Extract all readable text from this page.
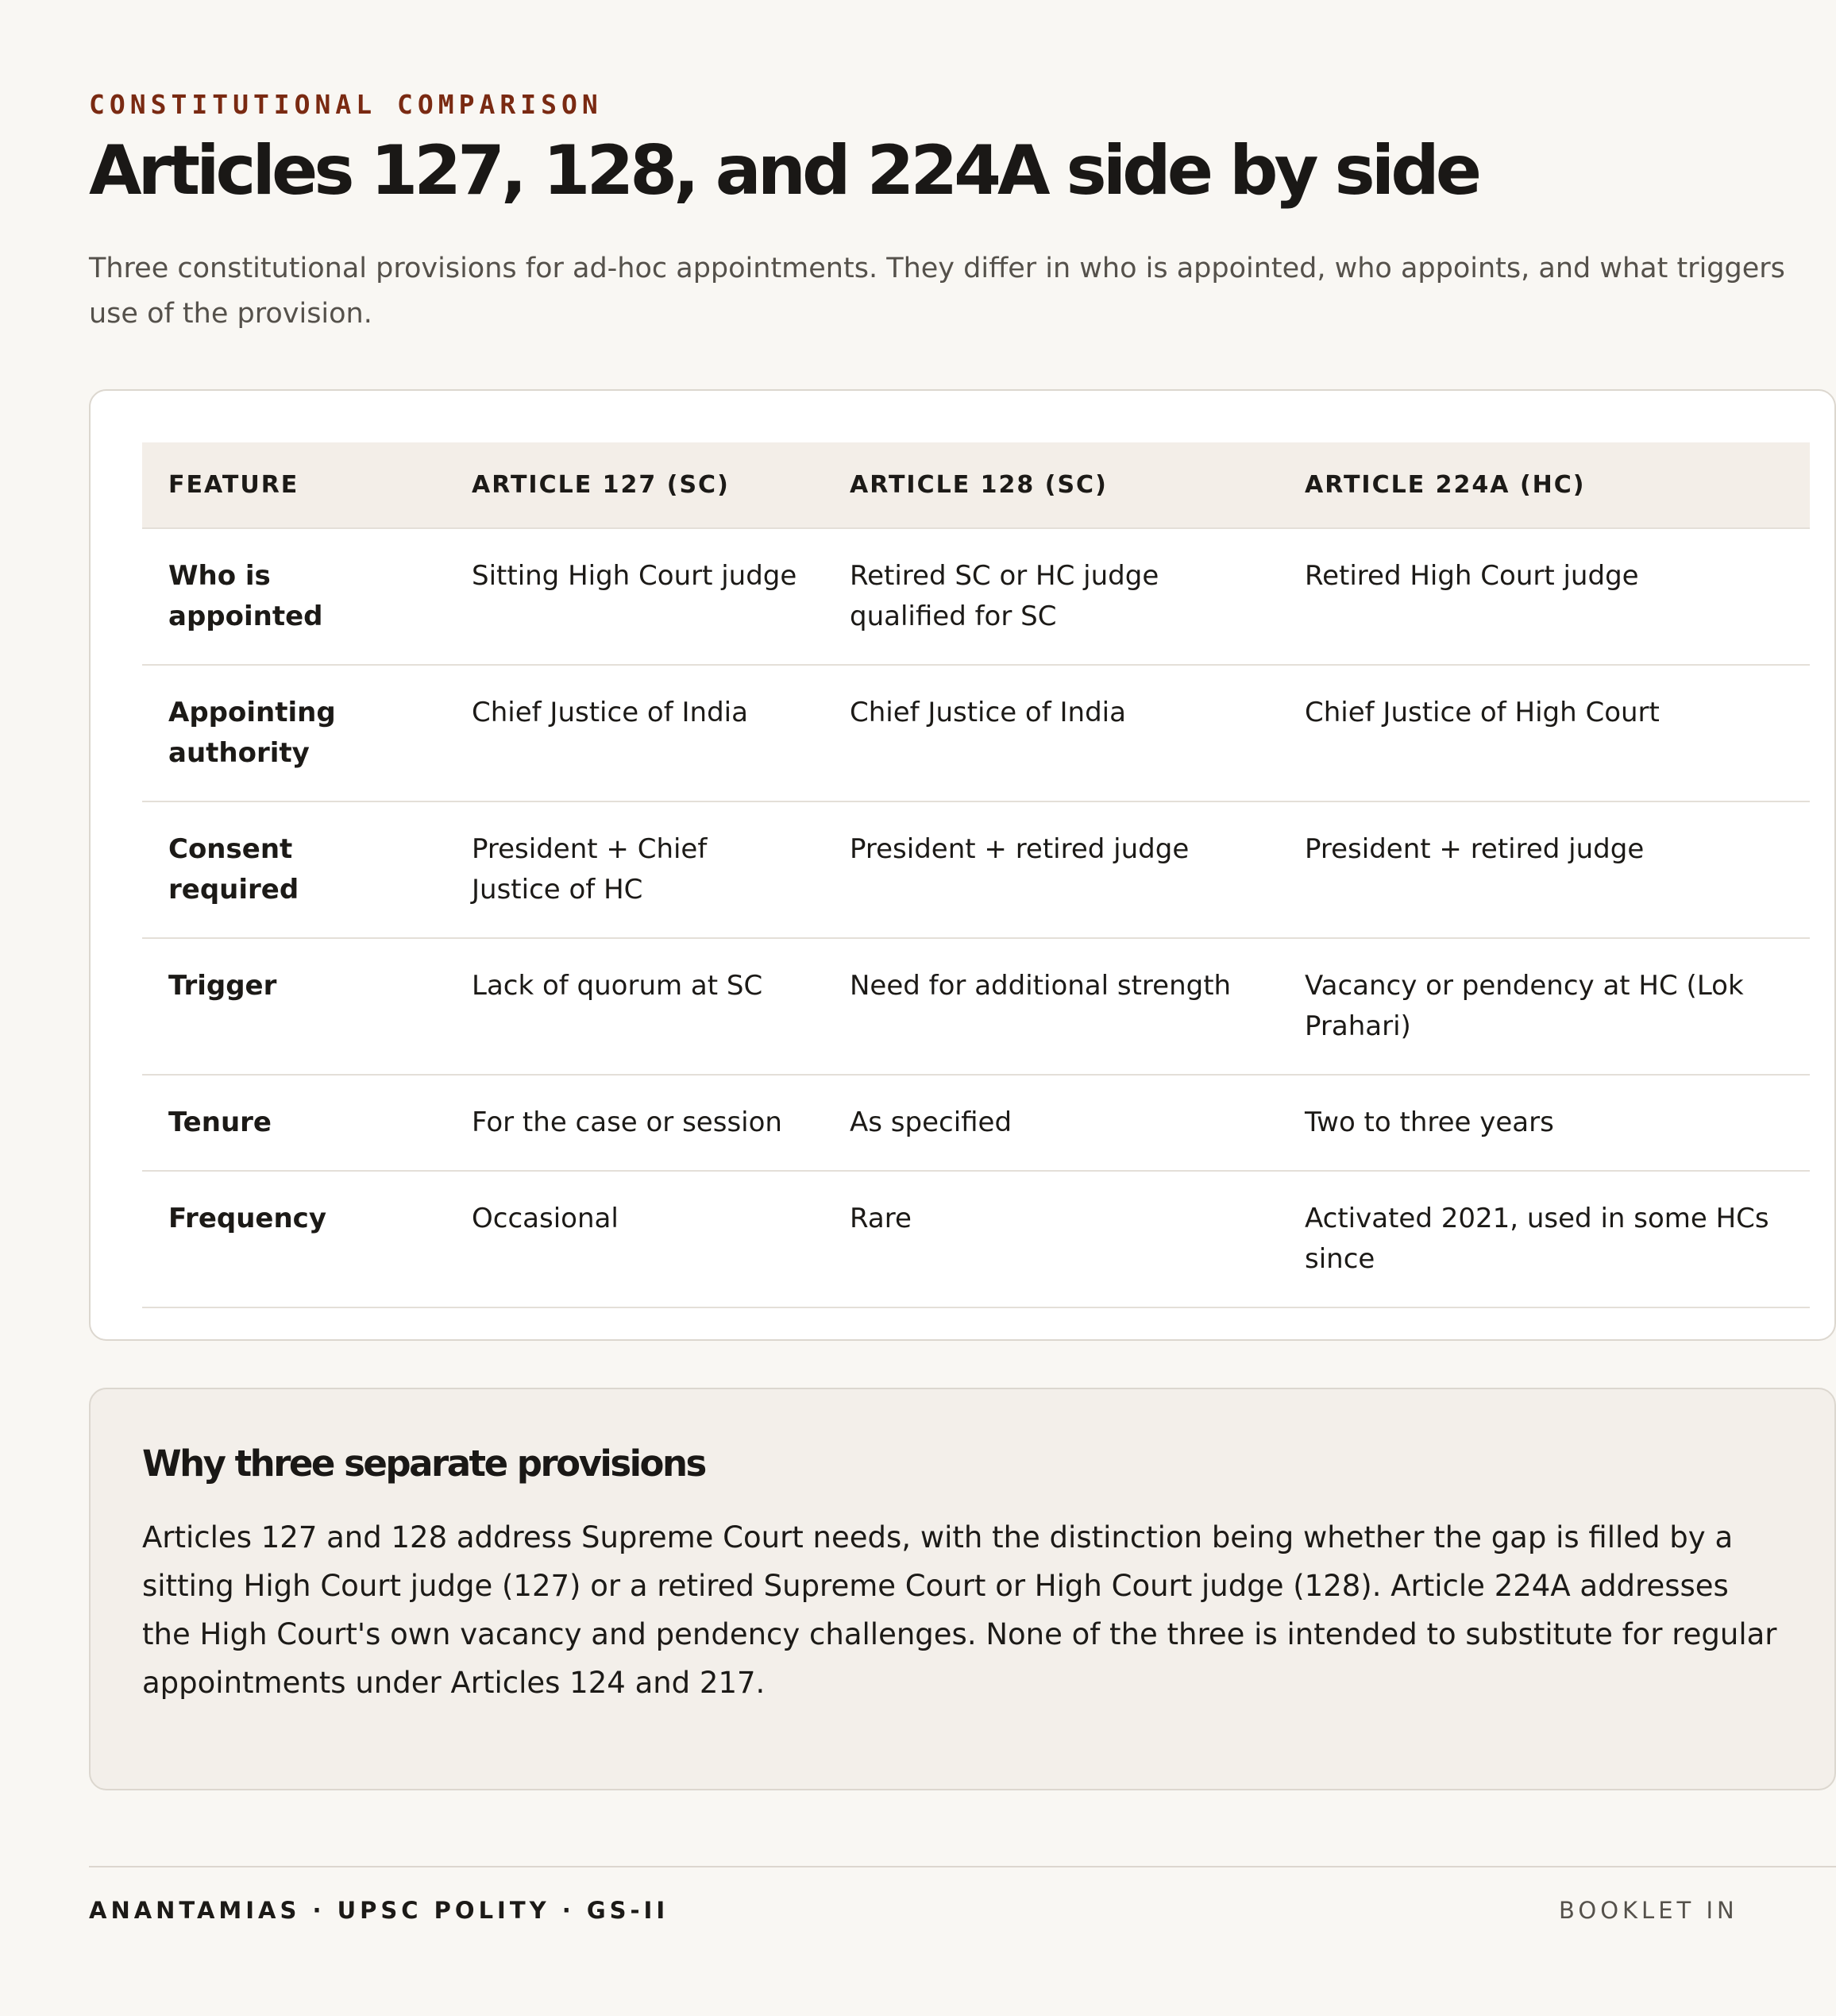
CONSTITUTIONAL COMPARISON
Articles 127, 128, and 224A side by side

Three constitutional provisions for ad-hoc appointments. They differ in who is appointed, who appoints, and what triggers use of the provision.

FEATURE	ARTICLE 127 (SC)	ARTICLE 128 (SC)	ARTICLE 224A (HC)
Who is appointed	Sitting High Court judge	Retired SC or HC judge qualified for SC	Retired High Court judge
Appointing authority	Chief Justice of India	Chief Justice of India	Chief Justice of High Court
Consent required	President + Chief Justice of HC	President + retired judge	President + retired judge
Trigger	Lack of quorum at SC	Need for additional strength	Vacancy or pendency at HC (Lok Prahari)
Tenure	For the case or session	As specified	Two to three years
Frequency	Occasional	Rare	Activated 2021, used in some HCs since
Why three separate provisions

Articles 127 and 128 address Supreme Court needs, with the distinction being whether the gap is filled by a sitting High Court judge (127) or a retired Supreme Court or High Court judge (128). Article 224A addresses the High Court's own vacancy and pendency challenges. None of the three is intended to substitute for regular appointments under Articles 124 and 217.

ANANTAMIAS · UPSC POLITY · GS-II	BOOKLET IN
